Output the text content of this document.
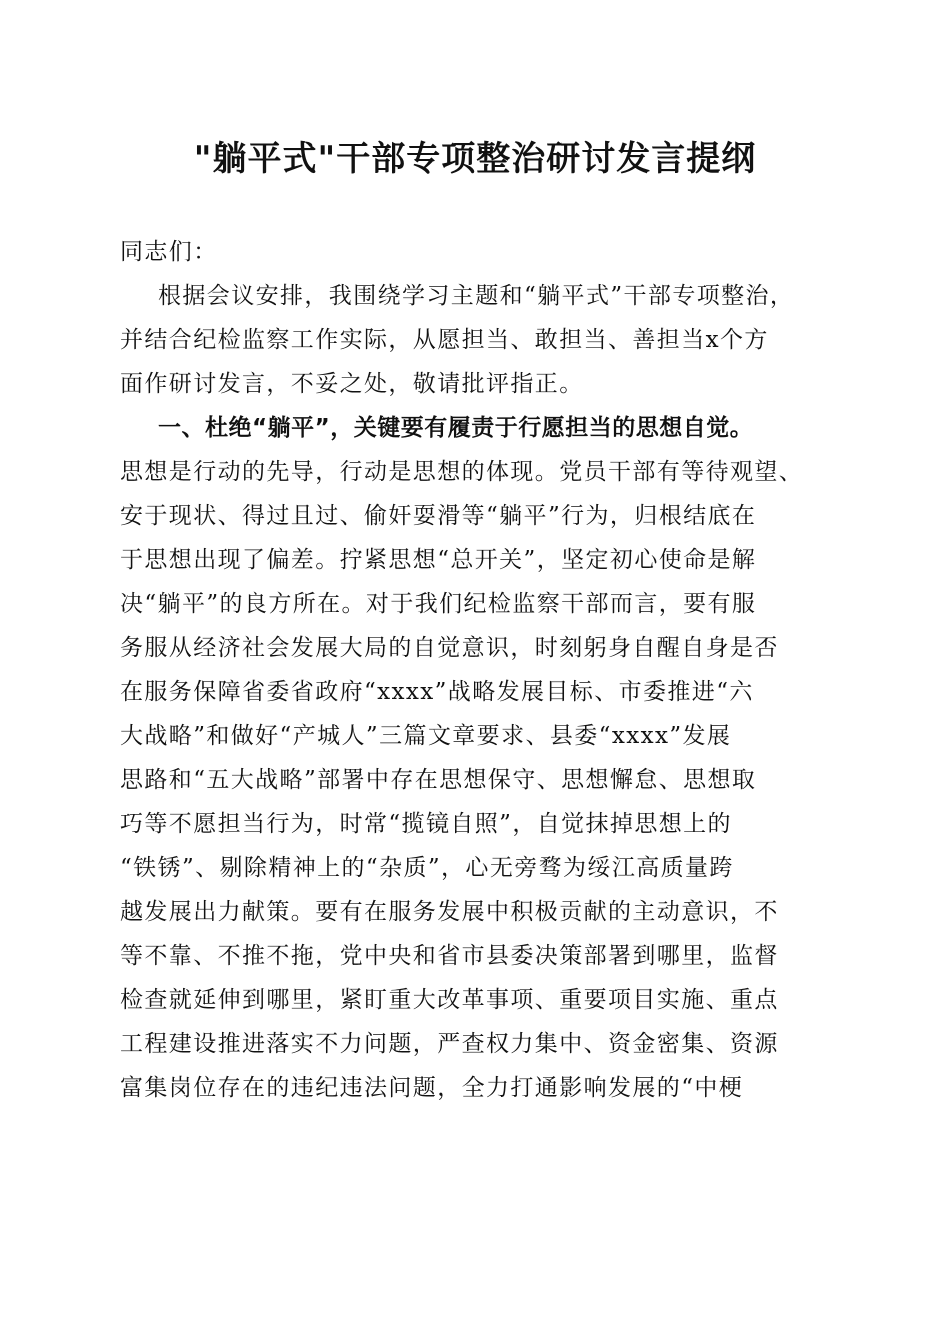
"躺平式"干部专项整治研讨发言提纲
同志们：
根据会议安排，我围绕学习主题和“躺平式”干部专项整治，
并结合纪检监察工作实际，从愿担当、敢担当、善担当x个方
面作研讨发言，不妥之处，敬请批评指正。
一、杜绝“躺平”，关键要有履责于行愿担当的思想自觉。
思想是行动的先导，行动是思想的体现。党员干部有等待观望、
安于现状、得过且过、偷奸耍滑等“躺平”行为，归根结底在
于思想出现了偏差。拧紧思想“总开关”，坚定初心使命是解
决“躺平”的良方所在。对于我们纪检监察干部而言，要有服
务服从经济社会发展大局的自觉意识，时刻躬身自醒自身是否
在服务保障省委省政府“xxxx”战略发展目标、市委推进“六
大战略”和做好“产城人”三篇文章要求、县委“xxxx”发展
思路和“五大战略”部署中存在思想保守、思想懈怠、思想取
巧等不愿担当行为，时常“揽镜自照”，自觉抹掉思想上的
“铁锈”、剔除精神上的“杂质”，心无旁骛为绥江高质量跨
越发展出力献策。要有在服务发展中积极贡献的主动意识，不
等不靠、不推不拖，党中央和省市县委决策部署到哪里，监督
检查就延伸到哪里，紧盯重大改革事项、重要项目实施、重点
工程建设推进落实不力问题，严查权力集中、资金密集、资源
富集岗位存在的违纪违法问题，全力打通影响发展的“中梗
